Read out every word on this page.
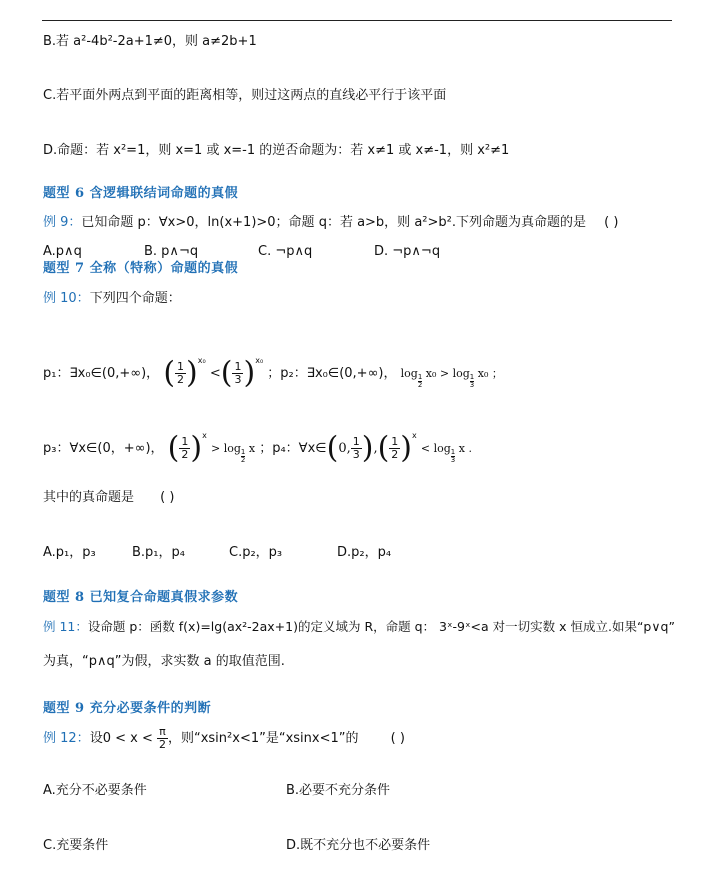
B.若 a²-4b²-2a+1≠0，则 a≠2b+1
C.若平面外两点到平面的距离相等，则过这两点的直线必平行于该平面
D.命题：若 x²=1，则 x=1 或 x=-1 的逆否命题为：若 x≠1 或 x≠-1，则 x²≠1
题型 6 含逻辑联结词命题的真假
例 9：已知命题 p：∀x>0，ln(x+1)>0；命题 q：若 a>b，则 a²>b².下列命题为真命题的是 ( )
A.p∧q	B. p∧¬q	C. ¬p∧q	D. ¬p∧¬q
题型 7 全称（特称）命题的真假
例 10：下列四个命题：
p₁：∃x₀∈(0,+∞)， ( $\frac{1}{2} )^{x_0}$ <( $\frac{1}{3} )^{x_0}$ ；p₂：∃x₀∈(0,+∞)， log
$\frac{1}{2}$
x₀ > log
$\frac{1}{3}$
x₀ ；
p₃：∀x∈(0，+∞)， ( $\frac{1}{2} )^x > \log$
$\frac{1}{2}$
x ；p₄：∀x∈(0, $\frac{1}{3}$ ),( $\frac{1}{2} )^x < \log$
$\frac{1}{3}$
x .
其中的真命题是 ( )
A.p₁，p₃	B.p₁，p₄	C.p₂，p₃	D.p₂，p₄
题型 8 已知复合命题真假求参数
例 11：设命题 p：函数 f(x)=lg(ax²-2ax+1)的定义域为 R，命题 q： 3ˣ-9ˣ<a 对一切实数 x 恒成立.如果“p∨q”
为真，“p∧q”为假，求实数 a 的取值范围.
题型 9 充分必要条件的判断
例 12：设$0 < x < \frac{\pi}{2}$ ，则“xsin²x<1”是“xsinx<1”的 ( )
A.充分不必要条件	B.必要不充分条件
C.充要条件	D.既不充分也不必要条件
